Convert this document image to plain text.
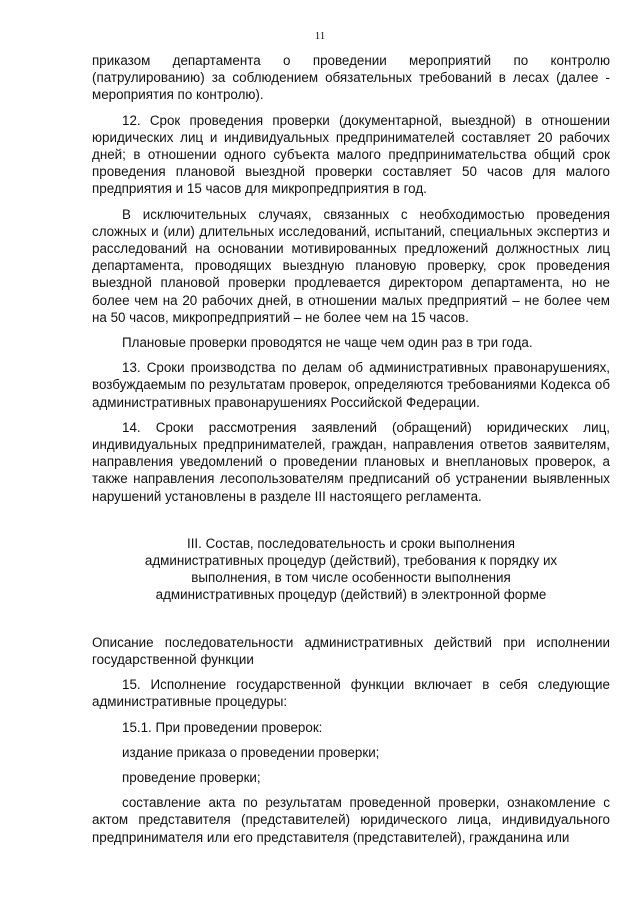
11

приказом департамента о проведении мероприятий по контролю (патрулированию) за соблюдением обязательных требований в лесах (далее - мероприятия по контролю).

12. Срок проведения проверки (документарной, выездной) в отношении юридических лиц и индивидуальных предпринимателей составляет 20 рабочих дней; в отношении одного субъекта малого предпринимательства общий срок проведения плановой выездной проверки составляет 50 часов для малого предприятия и 15 часов для микропредприятия в год.

В исключительных случаях, связанных с необходимостью проведения сложных и (или) длительных исследований, испытаний, специальных экспертиз и расследований на основании мотивированных предложений должностных лиц департамента, проводящих выездную плановую проверку, срок проведения выездной плановой проверки продлевается директором департамента, но не более чем на 20 рабочих дней, в отношении малых предприятий – не более чем на 50 часов, микропредприятий – не более чем на 15 часов.

Плановые проверки проводятся не чаще чем один раз в три года.

13. Сроки производства по делам об административных правонарушениях, возбуждаемым по результатам проверок, определяются требованиями Кодекса об административных правонарушениях Российской Федерации.

14. Сроки рассмотрения заявлений (обращений) юридических лиц, индивидуальных предпринимателей, граждан, направления ответов заявителям, направления уведомлений о проведении плановых и внеплановых проверок, а также направления лесопользователям предписаний об устранении выявленных нарушений установлены в разделе III настоящего регламента.

III. Состав, последовательность и сроки выполнения административных процедур (действий), требования к порядку их выполнения, в том числе особенности выполнения административных процедур (действий) в электронной форме

Описание последовательности административных действий при исполнении государственной функции

15. Исполнение государственной функции включает в себя следующие административные процедуры:

15.1. При проведении проверок:

издание приказа о проведении проверки;

проведение проверки;

составление акта по результатам проведенной проверки, ознакомление с актом представителя (представителей) юридического лица, индивидуального предпринимателя или его представителя (представителей), гражданина или
